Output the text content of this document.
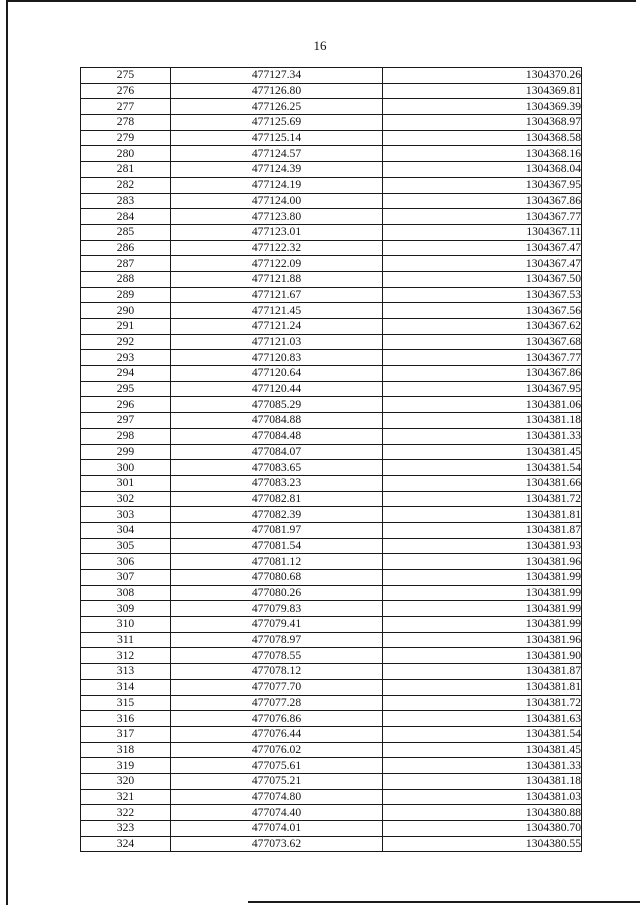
16
275	477127.34	1304370.26
276	477126.80	1304369.81
277	477126.25	1304369.39
278	477125.69	1304368.97
279	477125.14	1304368.58
280	477124.57	1304368.16
281	477124.39	1304368.04
282	477124.19	1304367.95
283	477124.00	1304367.86
284	477123.80	1304367.77
285	477123.01	1304367.11
286	477122.32	1304367.47
287	477122.09	1304367.47
288	477121.88	1304367.50
289	477121.67	1304367.53
290	477121.45	1304367.56
291	477121.24	1304367.62
292	477121.03	1304367.68
293	477120.83	1304367.77
294	477120.64	1304367.86
295	477120.44	1304367.95
296	477085.29	1304381.06
297	477084.88	1304381.18
298	477084.48	1304381.33
299	477084.07	1304381.45
300	477083.65	1304381.54
301	477083.23	1304381.66
302	477082.81	1304381.72
303	477082.39	1304381.81
304	477081.97	1304381.87
305	477081.54	1304381.93
306	477081.12	1304381.96
307	477080.68	1304381.99
308	477080.26	1304381.99
309	477079.83	1304381.99
310	477079.41	1304381.99
311	477078.97	1304381.96
312	477078.55	1304381.90
313	477078.12	1304381.87
314	477077.70	1304381.81
315	477077.28	1304381.72
316	477076.86	1304381.63
317	477076.44	1304381.54
318	477076.02	1304381.45
319	477075.61	1304381.33
320	477075.21	1304381.18
321	477074.80	1304381.03
322	477074.40	1304380.88
323	477074.01	1304380.70
324	477073.62	1304380.55
